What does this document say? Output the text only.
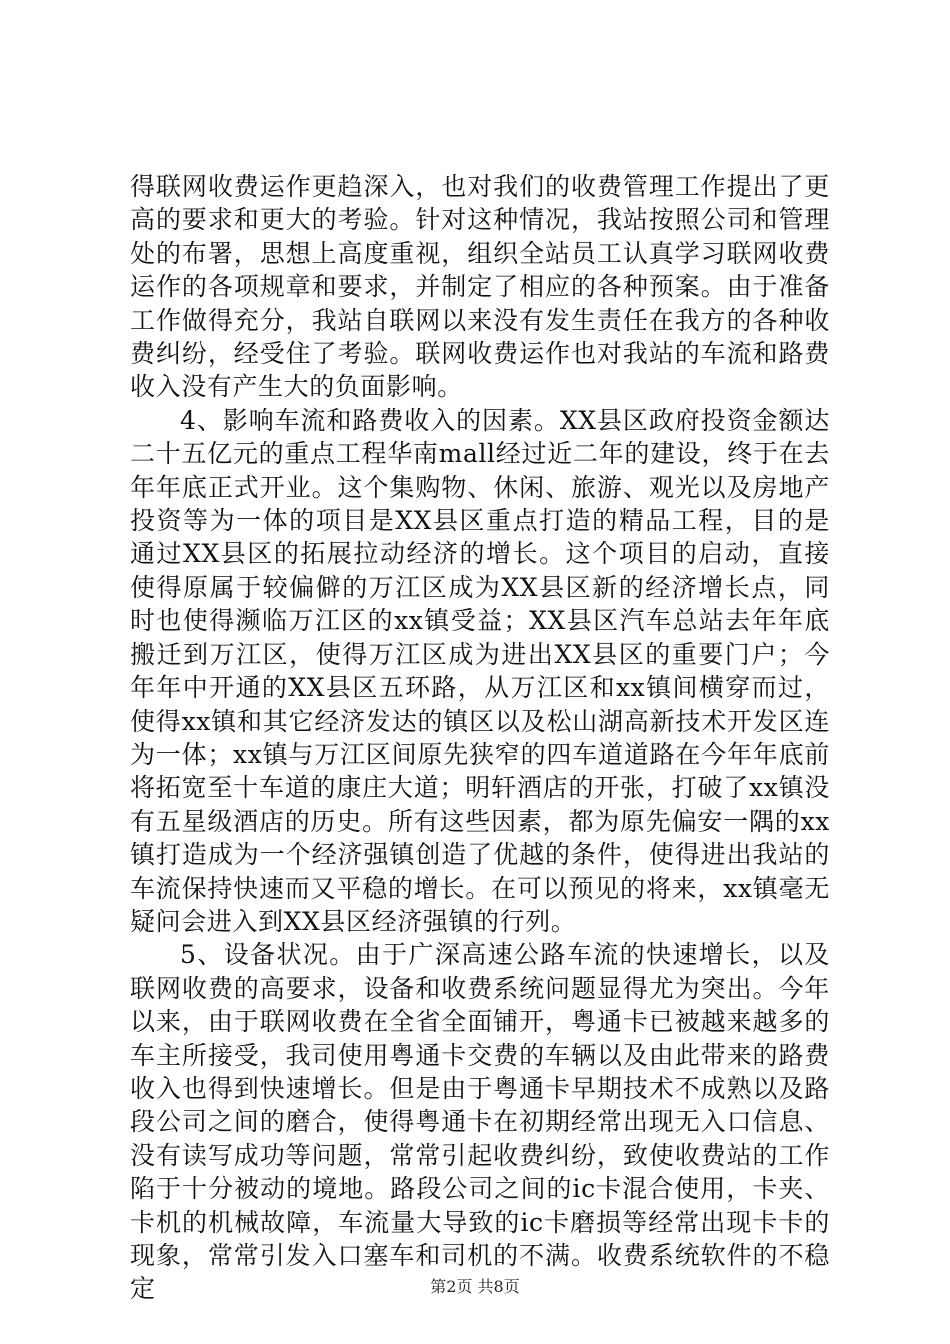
得联网收费运作更趋深入，也对我们的收费管理工作提出了更高的要求和更大的考验。针对这种情况，我站按照公司和管理处的布署，思想上高度重视，组织全站员工认真学习联网收费运作的各项规章和要求，并制定了相应的各种预案。由于准备工作做得充分，我站自联网以来没有发生责任在我方的各种收费纠纷，经受住了考验。联网收费运作也对我站的车流和路费收入没有产生大的负面影响。

4、影响车流和路费收入的因素。XX县区政府投资金额达二十五亿元的重点工程华南mall经过近二年的建设，终于在去年年底正式开业。这个集购物、休闲、旅游、观光以及房地产投资等为一体的项目是XX县区重点打造的精品工程，目的是通过XX县区的拓展拉动经济的增长。这个项目的启动，直接使得原属于较偏僻的万江区成为XX县区新的经济增长点，同时也使得濒临万江区的xx镇受益；XX县区汽车总站去年年底搬迁到万江区，使得万江区成为进出XX县区的重要门户；今年年中开通的XX县区五环路，从万江区和xx镇间横穿而过，使得xx镇和其它经济发达的镇区以及松山湖高新技术开发区连为一体；xx镇与万江区间原先狭窄的四车道道路在今年年底前将拓宽至十车道的康庄大道；明轩酒店的开张，打破了xx镇没有五星级酒店的历史。所有这些因素，都为原先偏安一隅的xx镇打造成为一个经济强镇创造了优越的条件，使得进出我站的车流保持快速而又平稳的增长。在可以预见的将来，xx镇毫无疑问会进入到XX县区经济强镇的行列。

5、设备状况。由于广深高速公路车流的快速增长，以及联网收费的高要求，设备和收费系统问题显得尤为突出。今年以来，由于联网收费在全省全面铺开，粤通卡已被越来越多的车主所接受，我司使用粤通卡交费的车辆以及由此带来的路费收入也得到快速增长。但是由于粤通卡早期技术不成熟以及路段公司之间的磨合，使得粤通卡在初期经常出现无入口信息、没有读写成功等问题，常常引起收费纠纷，致使收费站的工作陷于十分被动的境地。路段公司之间的ic卡混合使用，卡夹、卡机的机械故障，车流量大导致的ic卡磨损等经常出现卡卡的现象，常常引发入口塞车和司机的不满。收费系统软件的不稳定	第2页 共8页
